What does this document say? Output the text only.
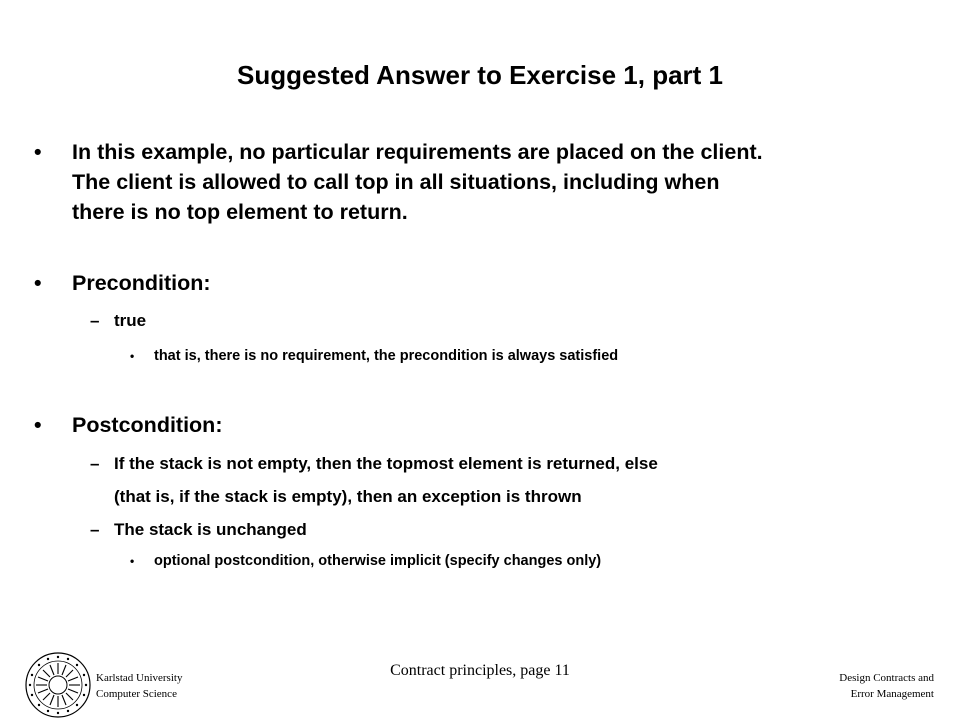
Suggested Answer to Exercise 1, part 1
• In this example, no particular requirements are placed on the client.
The client is allowed to call top in all situations, including when
there is no top element to return.
• Precondition:
– true
• that is, there is no requirement, the precondition is always satisfied
• Postcondition:
– If the stack is not empty, then the topmost element is returned, else
(that is, if the stack is empty), then an exception is thrown
– The stack is unchanged
• optional postcondition, otherwise implicit (specify changes only)
Karlstad University
Computer Science
Contract principles, page 11	Design Contracts and
Error Management
